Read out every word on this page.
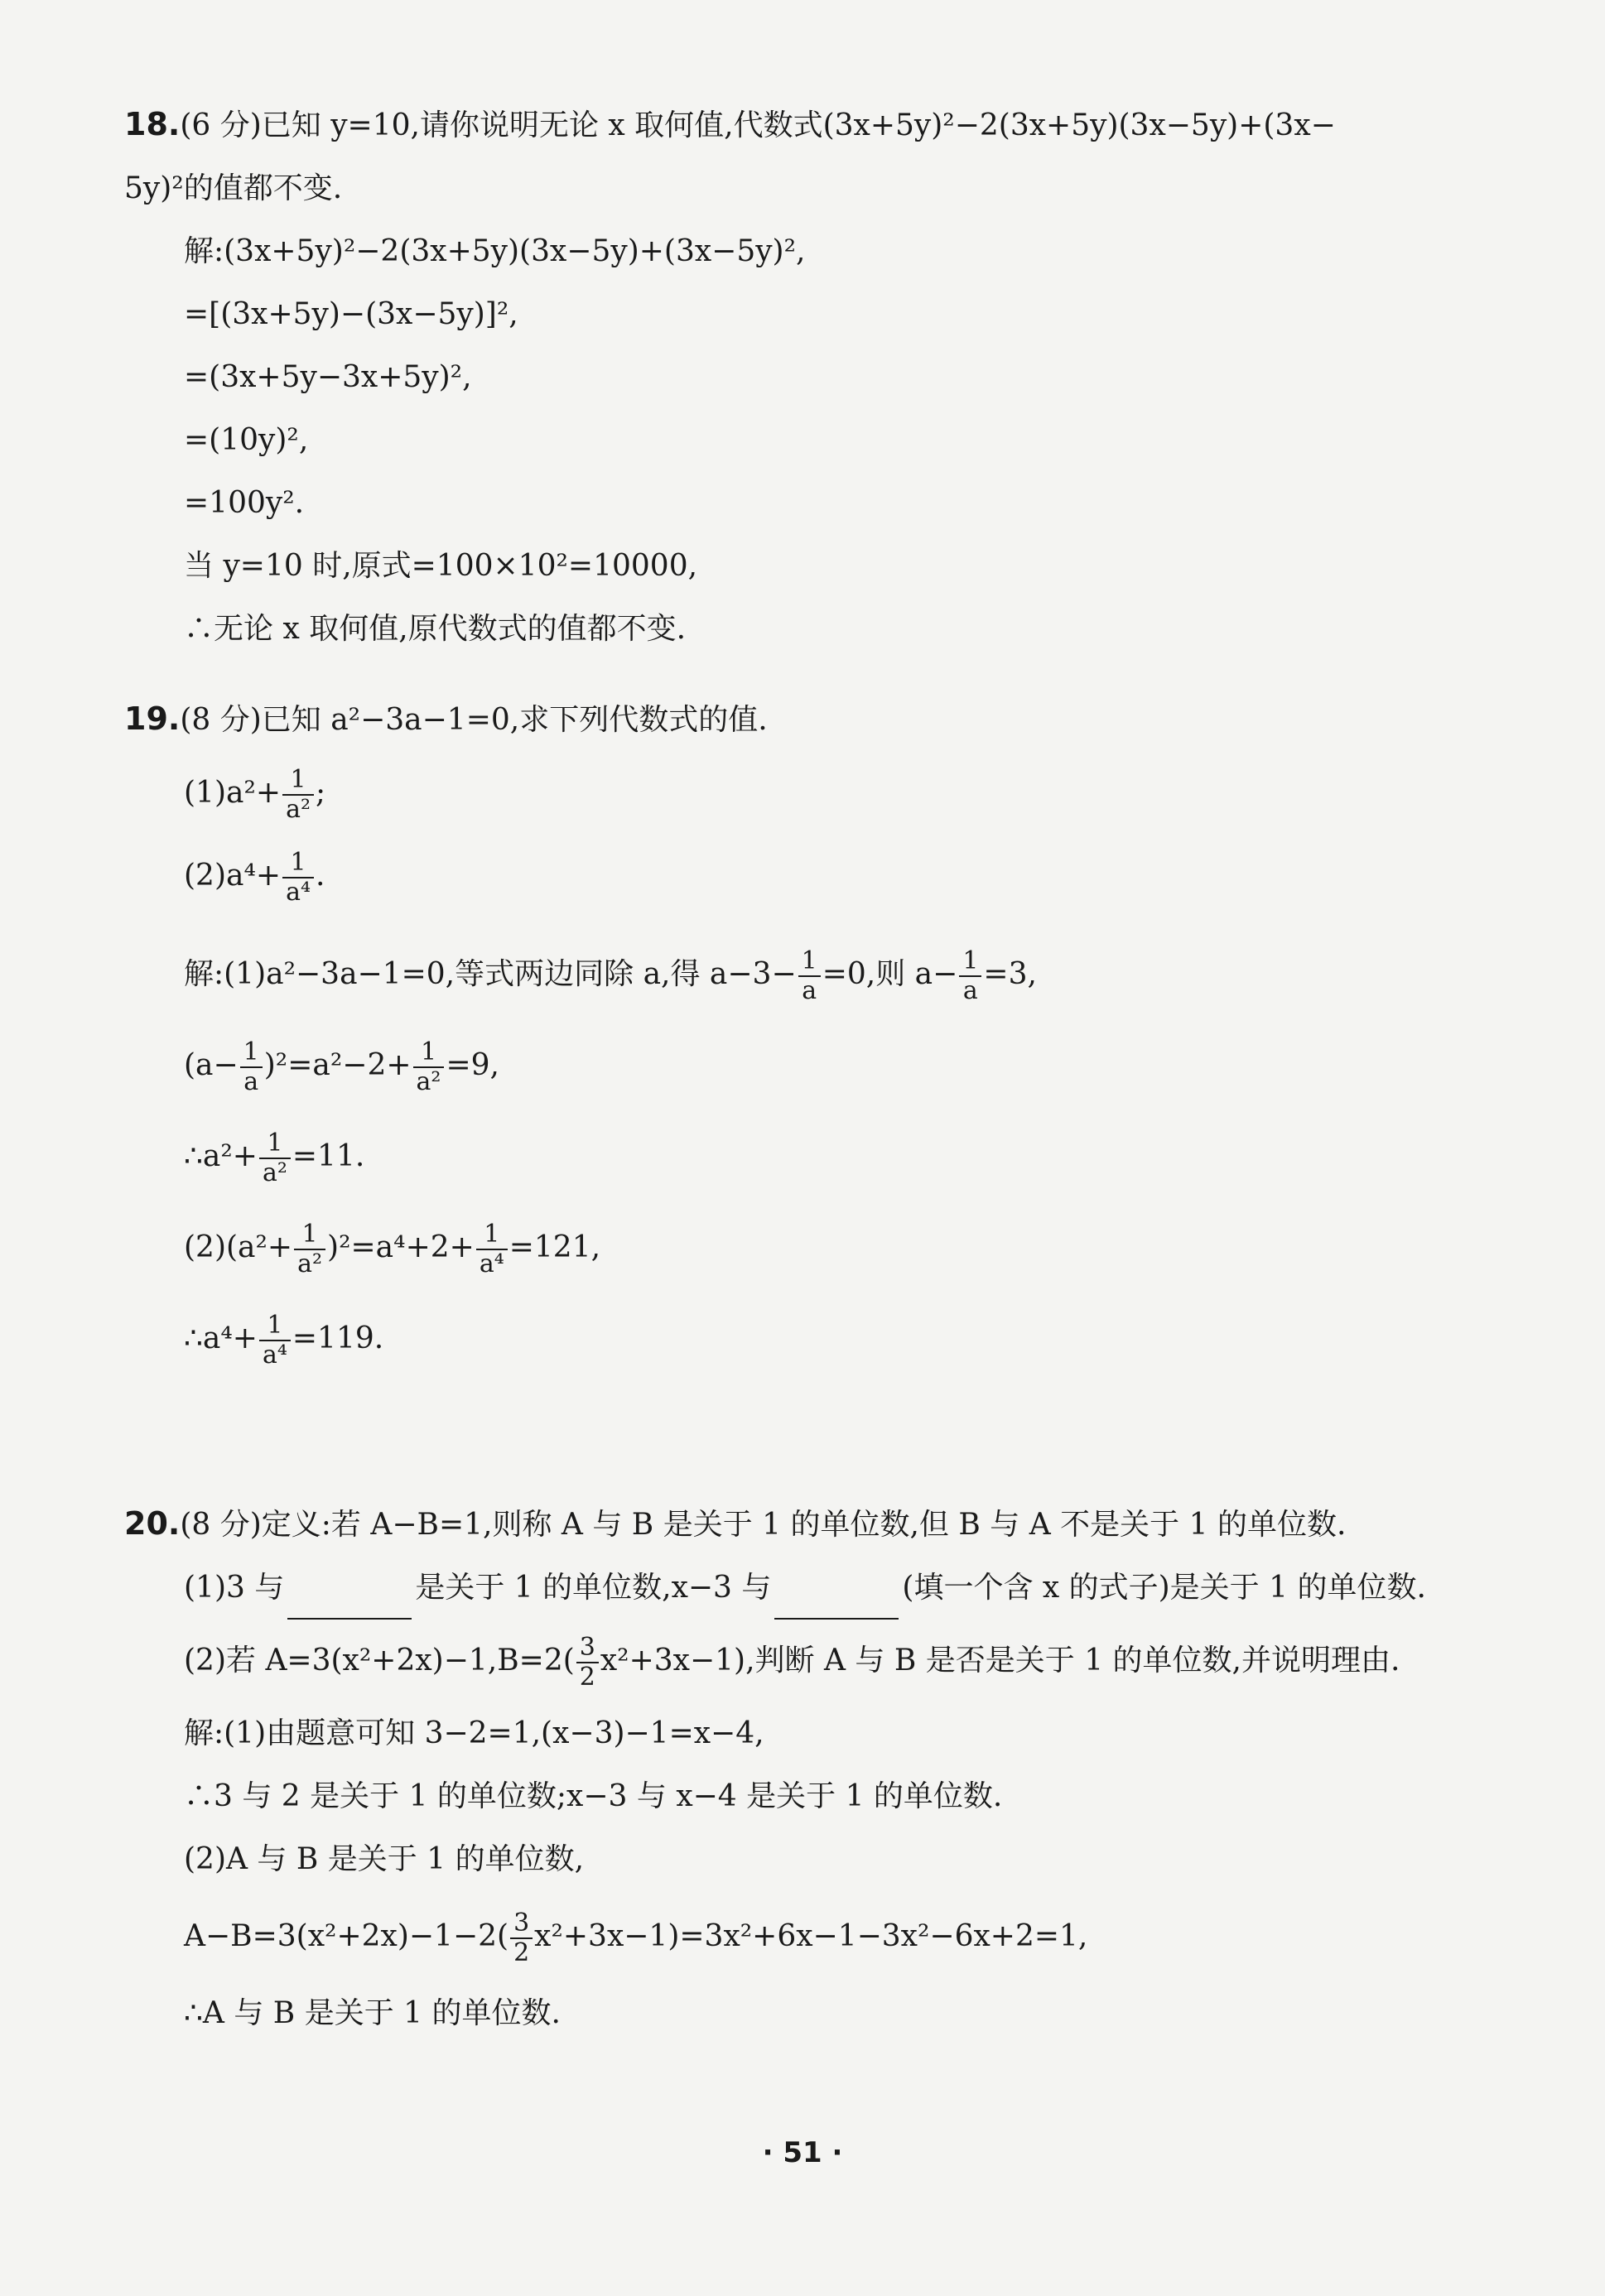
18.(6 分)已知 y=10,请你说明无论 x 取何值,代数式(3x+5y)²−2(3x+5y)(3x−5y)+(3x−
5y)²的值都不变.
解:(3x+5y)²−2(3x+5y)(3x−5y)+(3x−5y)²,
=[(3x+5y)−(3x−5y)]²,
=(3x+5y−3x+5y)²,
=(10y)²,
=100y².
当 y=10 时,原式=100×10²=10000,
∴无论 x 取何值,原代数式的值都不变.
19.(8 分)已知 a²−3a−1=0,求下列代数式的值.
$(1)a^2+ \frac{1}{\text{a²}}$ ;
$(2)a^4+ \frac{1}{\text{a⁴}}$ .
解:(1)a²−3a−1=0,等式两边同除 a,得 $a-3- \frac{1}{a} =0$,则 $a- \frac{1}{a} =3$,
$(a- \frac{1}{a} )^2=a^2-2+ \frac{1}{\text{a²}} =9$,
∴a²+ $\frac{1}{\text{a²}} =11$.
$(2)(a^2+ \frac{1}{\text{a²}} )^2=a^4+2+ \frac{1}{\text{a⁴}} =121$,
∴a⁴+ $\frac{1}{\text{a⁴}} =119$.
20.(8 分)定义:若 A−B=1,则称 A 与 B 是关于 1 的单位数,但 B 与 A 不是关于 1 的单位数.
(1)3 与	是关于 1 的单位数,x−3 与	(填一个含 x 的式子)是关于 1 的单位数.
(2)若 $A=3(x^2+2x)-1,B=2( \frac{3}{2} x^2+3x-1)$,判断 A 与 B 是否是关于 1 的单位数,并说明理由.
解:(1)由题意可知 3−2=1,(x−3)−1=x−4,
∴3 与 2 是关于 1 的单位数;x−3 与 x−4 是关于 1 的单位数.
(2)A 与 B 是关于 1 的单位数,
$A-B=3(x^2+2x)-1-2( \frac{3}{2} x^2+3x-1)=3x^2+6x-1-3x^2-6x+2=1$,
∴A 与 B 是关于 1 的单位数.
· 51 ·
